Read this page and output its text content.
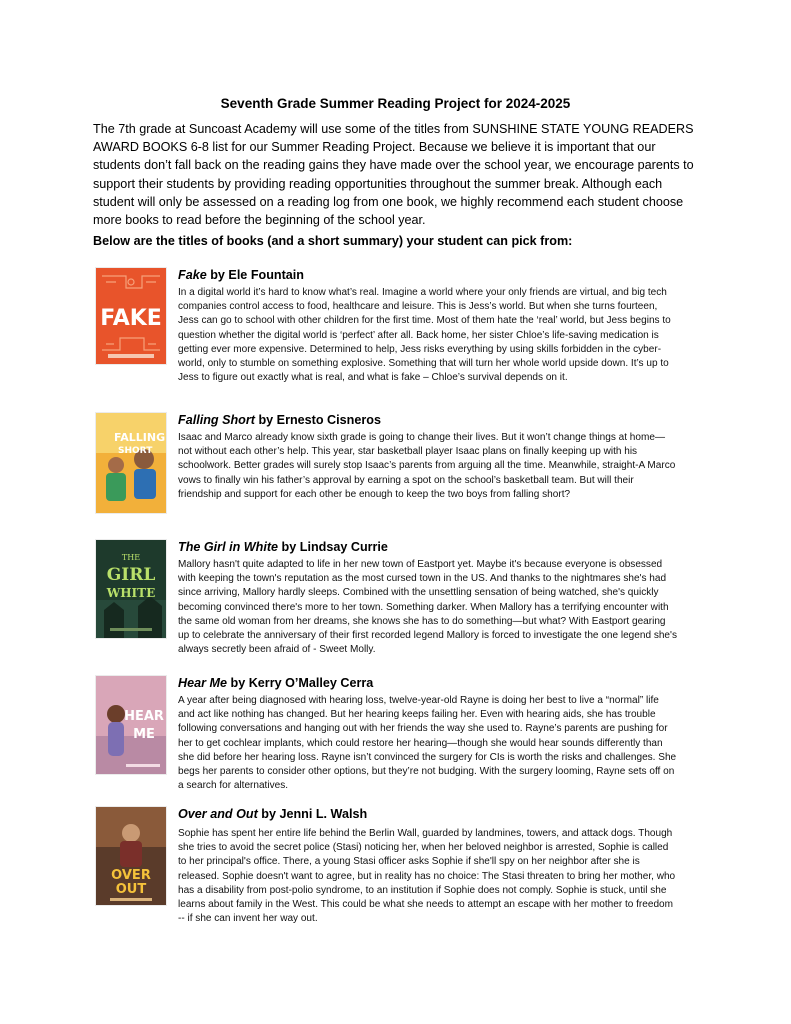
Seventh Grade Summer Reading Project for 2024-2025
The 7th grade at Suncoast Academy will use some of the titles from SUNSHINE STATE YOUNG READERS AWARD BOOKS 6-8 list for our Summer Reading Project. Because we believe it is important that our students don’t fall back on the reading gains they have made over the school year, we encourage parents to support their students by providing reading opportunities throughout the summer break. Although each student will only be assessed on a reading log from one book, we highly recommend each student choose more books to read before the beginning of the school year.
Below are the titles of books (and a short summary) your student can pick from:
FAKE
Fake by Ele Fountain
In a digital world it’s hard to know what’s real. Imagine a world where your only friends are virtual, and big tech companies control access to food, healthcare and leisure. This is Jess’s world. But when she turns fourteen, Jess can go to school with other children for the first time. Most of them hate the ‘real’ world, but Jess begins to question whether the digital world is ‘perfect’ after all. Back home, her sister Chloe’s life-saving medication is getting ever more expensive. Determined to help, Jess risks everything by using skills forbidden in the cyber-world, only to stumble on something explosive. Something that will turn her whole world upside down. It’s up to Jess to figure out exactly what is real, and what is fake – Chloe’s survival depends on it.
FALLING
SHORT
Falling Short by Ernesto Cisneros
Isaac and Marco already know sixth grade is going to change their lives. But it won’t change things at home—not without each other’s help. This year, star basketball player Isaac plans on finally keeping up with his schoolwork. Better grades will surely stop Isaac’s parents from arguing all the time. Meanwhile, straight-A Marco vows to finally win his father’s approval by earning a spot on the school’s basketball team. But will their friendship and support for each other be enough to keep the two boys from falling short?
THE
GIRL
WHITE
The Girl in White by Lindsay Currie
Mallory hasn't quite adapted to life in her new town of Eastport yet. Maybe it's because everyone is obsessed with keeping the town's reputation as the most cursed town in the US. And thanks to the nightmares she's had since arriving, Mallory hardly sleeps. Combined with the unsettling sensation of being watched, she's quickly becoming convinced there's more to her town. Something darker. When Mallory has a terrifying encounter with the same old woman from her dreams, she knows she has to do something—but what? With Eastport gearing up to celebrate the anniversary of their first recorded legend Mallory is forced to investigate the one legend she's always secretly been afraid of - Sweet Molly.
HEAR
ME
Hear Me by Kerry O’Malley Cerra
A year after being diagnosed with hearing loss, twelve-year-old Rayne is doing her best to live a “normal” life and act like nothing has changed. But her hearing keeps failing her. Even with hearing aids, she has trouble following conversations and hanging out with her friends the way she used to. Rayne’s parents are pushing for her to get cochlear implants, which could restore her hearing—though she would hear sounds differently than she did before her hearing loss. Rayne isn’t convinced the surgery for CIs is worth the risks and challenges. She begs her parents to consider other options, but they’re not budging. With the surgery looming, Rayne sets off on a search for alternatives.
OVER
OUT
Over and Out by Jenni L. Walsh
Sophie has spent her entire life behind the Berlin Wall, guarded by landmines, towers, and attack dogs. Though she tries to avoid the secret police (Stasi) noticing her, when her beloved neighbor is arrested, Sophie is called to her principal's office. There, a young Stasi officer asks Sophie if she'll spy on her neighbor after she is released. Sophie doesn't want to agree, but in reality has no choice: The Stasi threaten to bring her mother, who has a disability from post-polio syndrome, to an institution if Sophie does not comply. Sophie is stuck, until she learns about family in the West. This could be what she needs to attempt an escape with her mother to freedom -- if she can invent her way out.
